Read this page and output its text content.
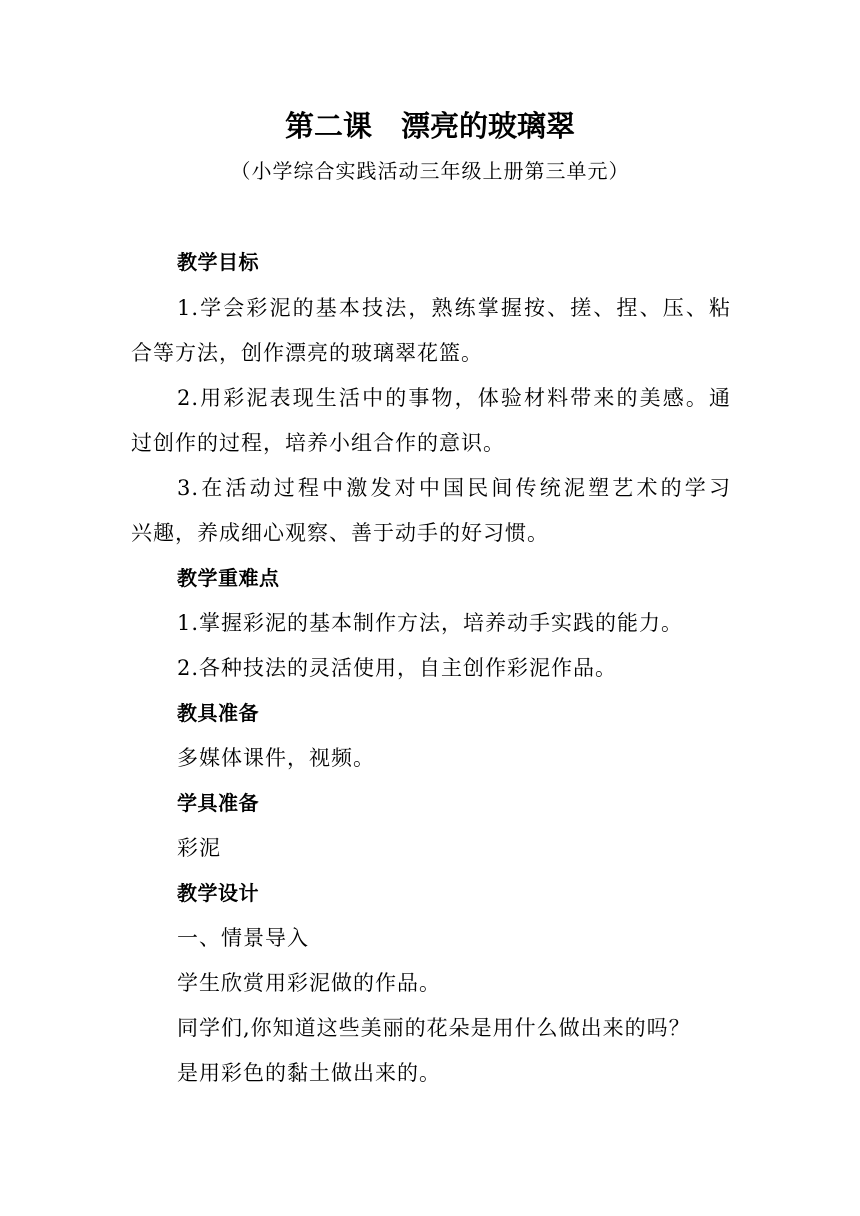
第二课　漂亮的玻璃翠
（小学综合实践活动三年级上册第三单元）
教学目标
1.学会彩泥的基本技法，熟练掌握按、搓、捏、压、粘
合等方法，创作漂亮的玻璃翠花篮。
2.用彩泥表现生活中的事物，体验材料带来的美感。通
过创作的过程，培养小组合作的意识。
3.在活动过程中激发对中国民间传统泥塑艺术的学习
兴趣，养成细心观察、善于动手的好习惯。
教学重难点
1.掌握彩泥的基本制作方法，培养动手实践的能力。
2.各种技法的灵活使用，自主创作彩泥作品。
教具准备
多媒体课件，视频。
学具准备
彩泥
教学设计
一、情景导入
学生欣赏用彩泥做的作品。
同学们,你知道这些美丽的花朵是用什么做出来的吗？
是用彩色的黏土做出来的。
